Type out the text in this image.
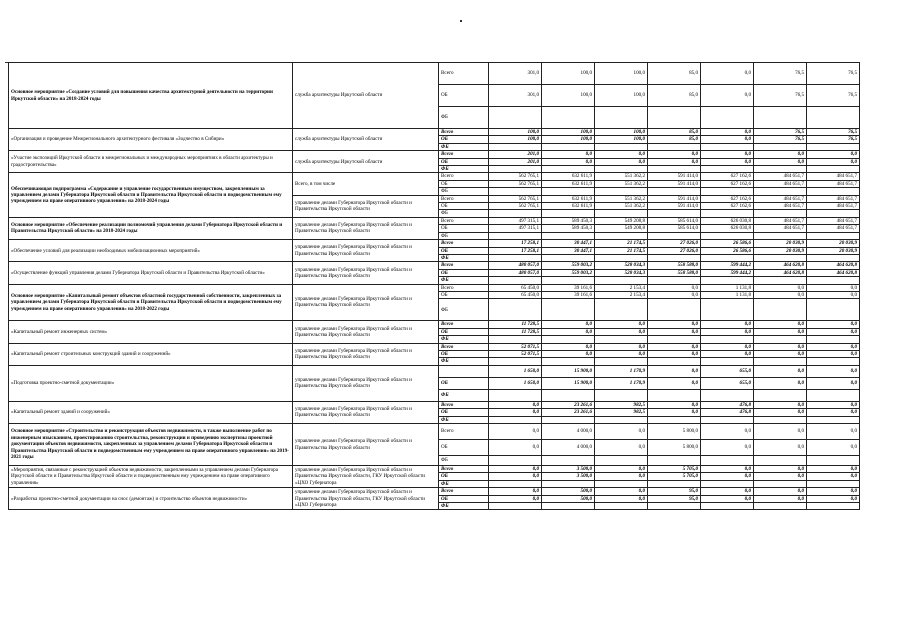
Основное мероприятие «Создание условий для повышения качества архитектурной деятельности на территории Иркутской области» на 2018-2024 годы	служба архитектуры Иркутской области	Всего	301,0	100,0	100,0	85,0	0,0	76,5	76,5
		ОБ	301,0	100,0	100,0	85,0	0,0	76,5	76,5
		ФБ							
«Организация и проведение Межрегионального архитектурного фестиваля «Зодчество в Сибири»	служба архитектуры Иркутской области	Всего	100,0	100,0	100,0	85,0	0,0	76,5	76,5
		ОБ	100,0	100,0	100,0	85,0	0,0	76,5	76,5
		ФБ							
«Участие экспозиций Иркутской области в межрегиональных и международных мероприятиях в области архитектуры и градостроительства»	служба архитектуры Иркутской области	Всего	201,0	0,0	0,0	0,0	0,0	0,0	0,0
		ОБ	201,0	0,0	0,0	0,0	0,0	0,0	0,0
		ФБ							
Обеспечивающая подпрограмма «Содержание и управление государственным имуществом, закрепленным за управлением делами Губернатора Иркутской области и Правительства Иркутской области и подведомственным ему учреждением на праве оперативного управления» на 2018-2024 годы	Всего, в том числе	Всего	562 765,1	632 611,9	551 362,2	591 414,0	627 162,6	484 651,7	484 651,7
		ОБ	562 765,1	632 611,9	551 362,2	591 414,0	627 162,6	484 651,7	484 651,7
		ФБ							
	управление делами Губернатора Иркутской области и Правительства Иркутской области	Всего	562 765,1	632 611,9	551 362,2	591 414,0	627 162,6	484 651,7	484 651,7
		ОБ	562 765,1	632 611,9	551 362,2	591 414,0	627 162,6	484 651,7	484 651,7
		ФБ							
Основное мероприятие «Обеспечение реализации полномочий управления делами Губернатора Иркутской области и Правительства Иркутской области» на 2018-2024 годы	управление делами Губернатора Иркутской области и Правительства Иркутской области	Всего	497 315,1	589 450,3	549 208,8	585 614,0	626 030,8	484 651,7	484 651,7
		ОБ	497 315,1	589 450,3	549 208,8	585 614,0	626 030,8	484 651,7	484 651,7
		ФБ							
«Обеспечение условий для реализации необходимых мобилизационных мероприятий»	управление делами Губернатора Иркутской области и Правительства Иркутской области	Всего	17 258,1	30 447,1	21 174,5	27 026,0	26 586,6	20 030,9	20 030,9
		ОБ	17 258,1	30 447,1	21 174,5	27 026,0	26 586,6	20 030,9	20 030,9
		ФБ							
«Осуществление функций управления делами Губернатора Иркутской области и Правительства Иркутской области»	управление делами Губернатора Иркутской области и Правительства Иркутской области	Всего	480 057,0	559 003,2	528 034,3	558 588,0	599 444,2	464 620,8	464 620,8
		ОБ	480 057,0	559 003,2	528 034,3	558 588,0	599 444,2	464 620,8	464 620,8
		ФБ							
Основное мероприятие «Капитальный ремонт объектов областной государственной собственности, закрепленных за управлением делами Губернатора Иркутской области и Правительства Иркутской области и подведомственным ему учреждением на праве оперативного управления» на 2018-2022 годы	управление делами Губернатора Иркутской области и Правительства Иркутской области	Всего	65 450,0	39 161,6	2 153,4	0,0	1 131,8	0,0	0,0
		ОБ	65 450,0	39 161,6	2 153,4	0,0	1 131,8	0,0	0,0
		ФБ							
«Капитальный ремонт инженерных систем»	управление делами Губернатора Иркутской области и Правительства Иркутской области	Всего	11 728,5	0,0	0,0	0,0	0,0	0,0	0,0
		ОБ	11 728,5	0,0	0,0	0,0	0,0	0,0	0,0
		ФБ							
«Капитальный ремонт строительных конструкций зданий и сооружений»	управление делами Губернатора Иркутской области и Правительства Иркутской области	Всего	52 071,5	0,0	0,0	0,0	0,0	0,0	0,0
		ОБ	52 071,5	0,0	0,0	0,0	0,0	0,0	0,0
		ФБ							
«Подготовка проектно-сметной документации»	управление делами Губернатора Иркутской области и Правительства Иркутской области		1 650,0	15 900,0	1 170,9	0,0	655,0	0,0	0,0
		ОБ	1 650,0	15 900,0	1 170,9	0,0	655,0	0,0	0,0
		ФБ							
«Капитальный ремонт зданий и сооружений»	управление делами Губернатора Иркутской области и Правительства Иркутской области	Всего	0,0	23 261,6	982,5	0,0	476,8	0,0	0,0
		ОБ	0,0	23 261,6	982,5	0,0	476,8	0,0	0,0
		ФБ							
Основное мероприятие «Строительство и реконструкция объектов недвижимости, в также выполнение работ по инженерным изысканиям, проектированию строительства, реконструкции и проведению экспертизы проектной документации объектов недвижимости, закрепленных за управлением делами Губернатора Иркутской области и Правительства Иркутской области и подведомственным ему учреждением на праве оперативного управления» на 2019-2021 годы	управление делами Губернатора Иркутской области и Правительства Иркутской области	Всего	0,0	4 000,0	0,0	5 800,0	0,0	0,0	0,0
		ОБ	0,0	4 000,0	0,0	5 800,0	0,0	0,0	0,0
		ФБ							
«Мероприятия, связанные с реконструкцией объектов недвижимости, закрепленными за управлением делами Губернатора Иркутской области и Правительства Иркутской области и подведомственным ему учреждением на праве оперативного управления»	управление делами Губернатора Иркутской области и Правительства Иркутской области, ГКУ Иркутской области «ЦХО Губернатора	Всего	0,0	3 500,0	0,0	5 705,0	0,0	0,0	0,0
		ОБ	0,0	3 500,0	0,0	5 705,0	0,0	0,0	0,0
		ФБ							
«Разработка проектно-сметной документации на снос (демонтаж) и строительство объектов недвижимости»	управление делами Губернатора Иркутской области и Правительства Иркутской области, ГКУ Иркутской области «ЦХО Губернатора	Всего	0,0	500,0	0,0	95,0	0,0	0,0	0,0
		ОБ	0,0	500,0	0,0	95,0	0,0	0,0	0,0
		ФБ							
